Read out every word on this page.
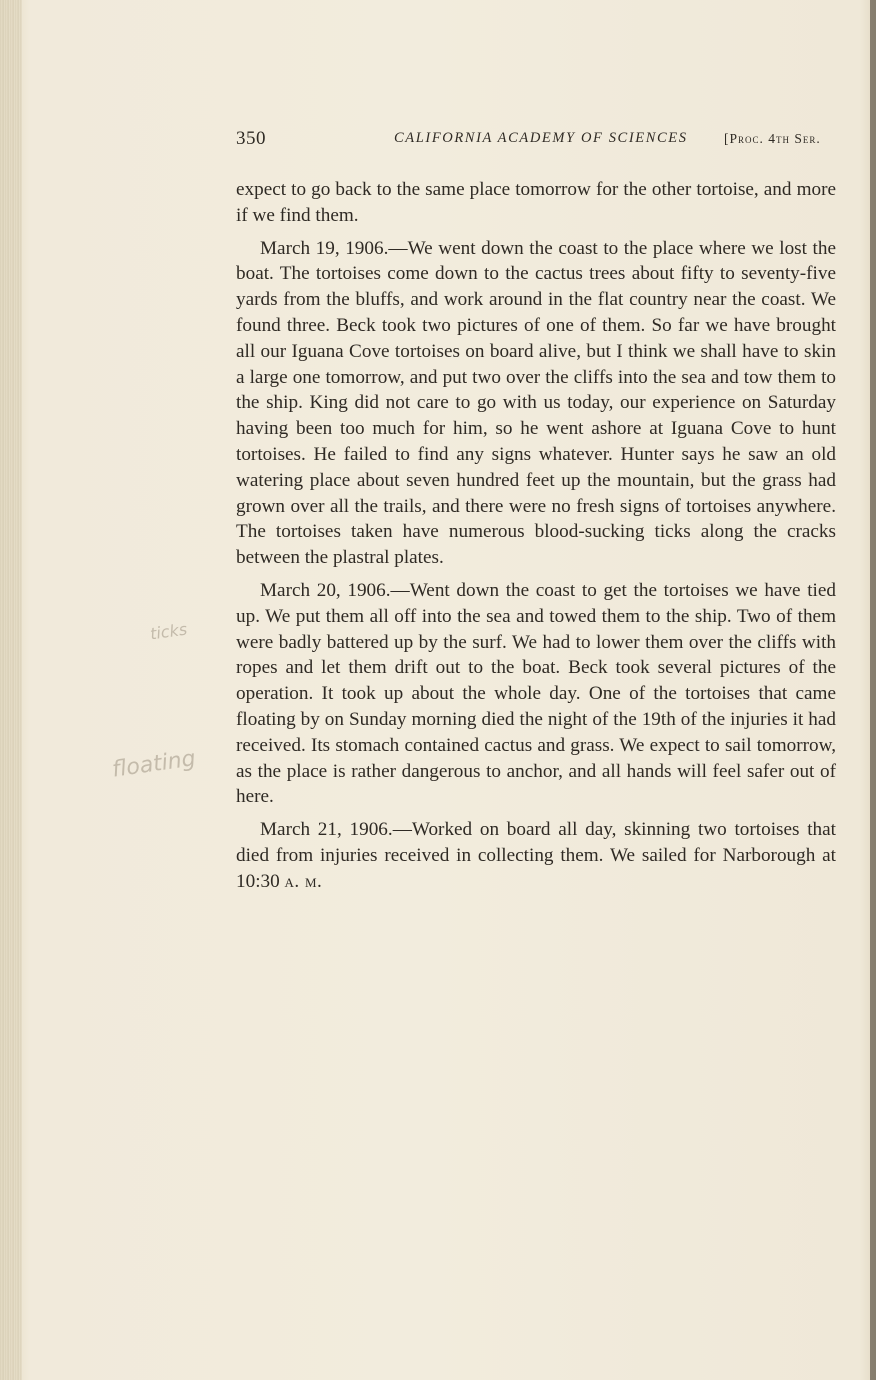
350	CALIFORNIA ACADEMY OF SCIENCES	[Proc. 4th Ser.
ticks
floating

expect to go back to the same place tomorrow for the other tortoise, and more if we find them.

March 19, 1906.—We went down the coast to the place where we lost the boat. The tortoises come down to the cactus trees about fifty to seventy-five yards from the bluffs, and work around in the flat country near the coast. We found three. Beck took two pictures of one of them. So far we have brought all our Iguana Cove tortoises on board alive, but I think we shall have to skin a large one tomorrow, and put two over the cliffs into the sea and tow them to the ship. King did not care to go with us today, our experience on Saturday having been too much for him, so he went ashore at Iguana Cove to hunt tortoises. He failed to find any signs whatever. Hunter says he saw an old watering place about seven hundred feet up the mountain, but the grass had grown over all the trails, and there were no fresh signs of tortoises anywhere. The tortoises taken have numerous blood-sucking ticks along the cracks between the plastral plates.

March 20, 1906.—Went down the coast to get the tortoises we have tied up. We put them all off into the sea and towed them to the ship. Two of them were badly battered up by the surf. We had to lower them over the cliffs with ropes and let them drift out to the boat. Beck took several pictures of the operation. It took up about the whole day. One of the tortoises that came floating by on Sunday morning died the night of the 19th of the injuries it had received. Its stomach contained cactus and grass. We expect to sail tomorrow, as the place is rather dangerous to anchor, and all hands will feel safer out of here.

March 21, 1906.—Worked on board all day, skinning two tortoises that died from injuries received in collecting them. We sailed for Narborough at 10:30 a. m.
